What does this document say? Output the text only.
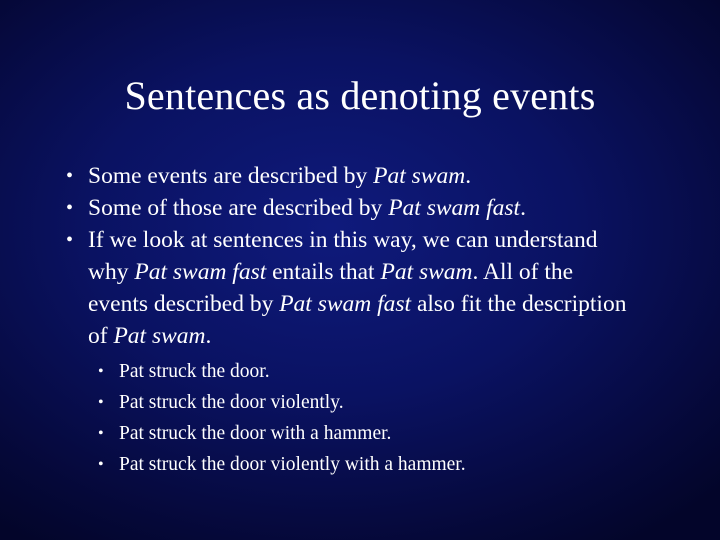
Sentences as denoting events
• Some events are described by Pat swam.
• Some of those are described by Pat swam fast.
• If we look at sentences in this way, we can understand why Pat swam fast entails that Pat swam. All of the events described by Pat swam fast also fit the description of Pat swam.
• Pat struck the door.
• Pat struck the door violently.
• Pat struck the door with a hammer.
• Pat struck the door violently with a hammer.
